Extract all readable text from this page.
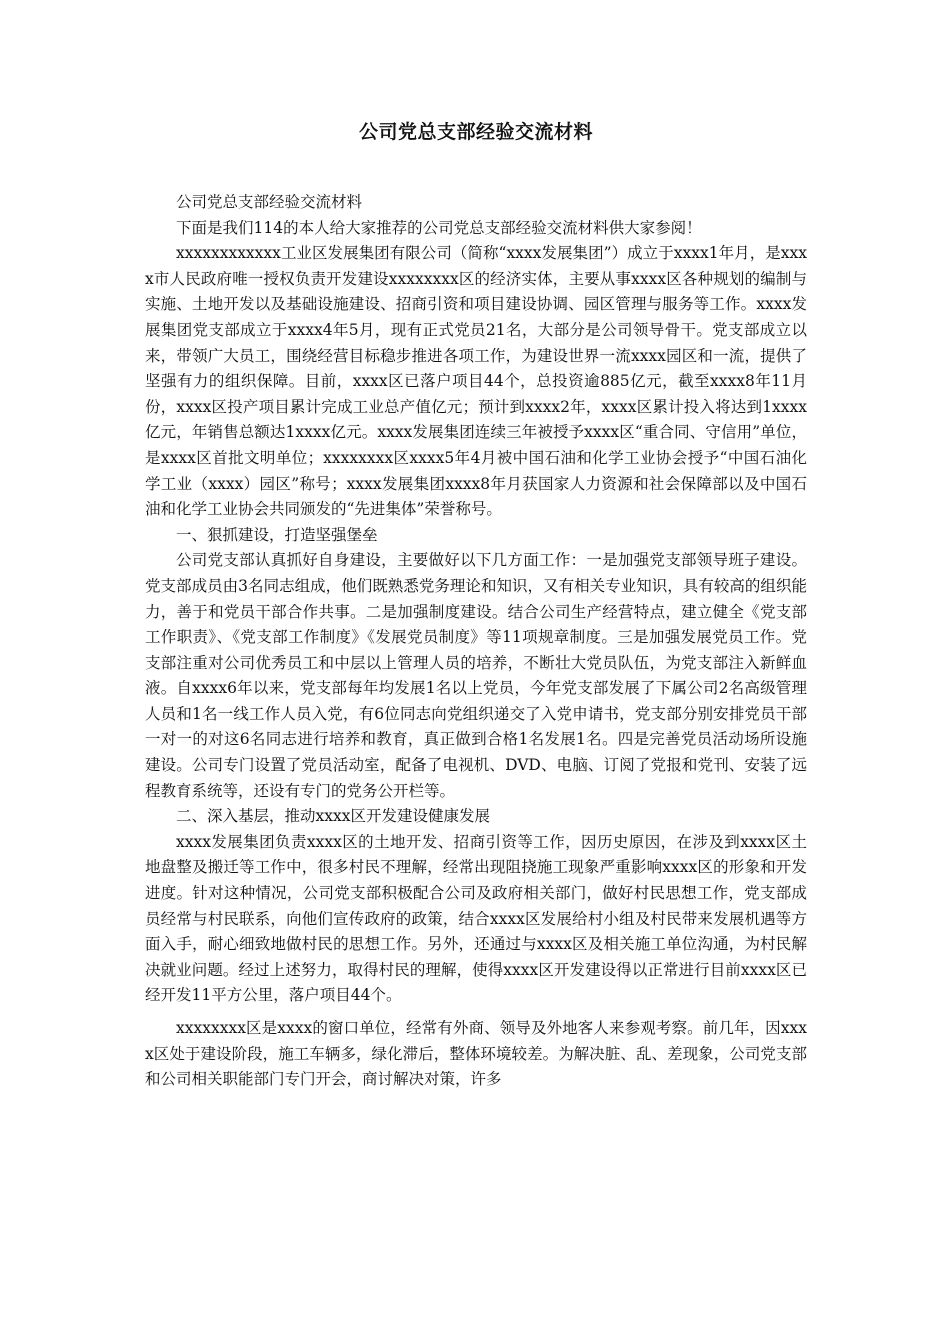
公司党总支部经验交流材料

公司党总支部经验交流材料

下面是我们114的本人给大家推荐的公司党总支部经验交流材料供大家参阅！

xxxxxxxxxxxx工业区发展集团有限公司（简称“xxxx发展集团”）成立于xxxx1年月，是xxxx市人民政府唯一授权负责开发建设xxxxxxxx区的经济实体，主要从事xxxx区各种规划的编制与实施、土地开发以及基础设施建设、招商引资和项目建设协调、园区管理与服务等工作。xxxx发展集团党支部成立于xxxx4年5月，现有正式党员21名，大部分是公司领导骨干。党支部成立以来，带领广大员工，围绕经营目标稳步推进各项工作，为建设世界一流xxxx园区和一流，提供了坚强有力的组织保障。目前，xxxx区已落户项目44个，总投资逾885亿元，截至xxxx8年11月份，xxxx区投产项目累计完成工业总产值亿元；预计到xxxx2年，xxxx区累计投入将达到1xxxx亿元，年销售总额达1xxxx亿元。xxxx发展集团连续三年被授予xxxx区“重合同、守信用”单位，是xxxx区首批文明单位；xxxxxxxx区xxxx5年4月被中国石油和化学工业协会授予“中国石油化学工业（xxxx）园区”称号；xxxx发展集团xxxx8年月获国家人力资源和社会保障部以及中国石油和化学工业协会共同颁发的“先进集体”荣誉称号。

一、狠抓建设，打造坚强堡垒

公司党支部认真抓好自身建设，主要做好以下几方面工作：一是加强党支部领导班子建设。党支部成员由3名同志组成，他们既熟悉党务理论和知识，又有相关专业知识，具有较高的组织能力，善于和党员干部合作共事。二是加强制度建设。结合公司生产经营特点，建立健全《党支部工作职责》、《党支部工作制度》《发展党员制度》等11项规章制度。三是加强发展党员工作。党支部注重对公司优秀员工和中层以上管理人员的培养，不断壮大党员队伍，为党支部注入新鲜血液。自xxxx6年以来，党支部每年均发展1名以上党员，今年党支部发展了下属公司2名高级管理人员和1名一线工作人员入党，有6位同志向党组织递交了入党申请书，党支部分别安排党员干部一对一的对这6名同志进行培养和教育，真正做到合格1名发展1名。四是完善党员活动场所设施建设。公司专门设置了党员活动室，配备了电视机、DVD、电脑、订阅了党报和党刊、安装了远程教育系统等，还设有专门的党务公开栏等。

二、深入基层，推动xxxx区开发建设健康发展

xxxx发展集团负责xxxx区的土地开发、招商引资等工作，因历史原因，在涉及到xxxx区土地盘整及搬迁等工作中，很多村民不理解，经常出现阻挠施工现象严重影响xxxx区的形象和开发进度。针对这种情况，公司党支部积极配合公司及政府相关部门，做好村民思想工作，党支部成员经常与村民联系，向他们宣传政府的政策，结合xxxx区发展给村小组及村民带来发展机遇等方面入手，耐心细致地做村民的思想工作。另外，还通过与xxxx区及相关施工单位沟通，为村民解决就业问题。经过上述努力，取得村民的理解，使得xxxx区开发建设得以正常进行目前xxxx区已经开发11平方公里，落户项目44个。

xxxxxxxx区是xxxx的窗口单位，经常有外商、领导及外地客人来参观考察。前几年，因xxxx区处于建设阶段，施工车辆多，绿化滞后，整体环境较差。为解决脏、乱、差现象，公司党支部和公司相关职能部门专门开会，商讨解决对策，许多
